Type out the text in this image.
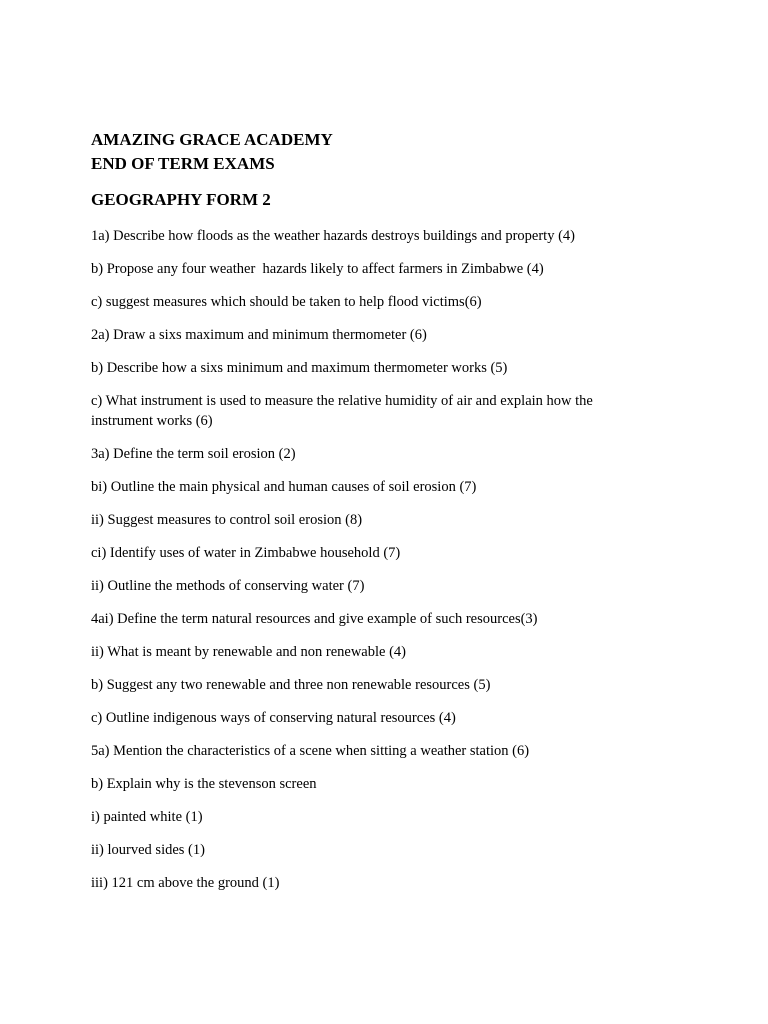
AMAZING GRACE ACADEMY

END OF TERM EXAMS

GEOGRAPHY FORM 2

1a) Describe how floods as the weather hazards destroys buildings and property (4)
b) Propose any four weather  hazards likely to affect farmers in Zimbabwe (4)
c) suggest measures which should be taken to help flood victims(6)
2a) Draw a sixs maximum and minimum thermometer (6)
b) Describe how a sixs minimum and maximum thermometer works (5)
c) What instrument is used to measure the relative humidity of air and explain how the instrument works (6)
3a) Define the term soil erosion (2)
bi) Outline the main physical and human causes of soil erosion (7)
ii) Suggest measures to control soil erosion (8)
ci) Identify uses of water in Zimbabwe household (7)
ii) Outline the methods of conserving water (7)
4ai) Define the term natural resources and give example of such resources(3)
ii) What is meant by renewable and non renewable (4)
b) Suggest any two renewable and three non renewable resources (5)
c) Outline indigenous ways of conserving natural resources (4)
5a) Mention the characteristics of a scene when sitting a weather station (6)
b) Explain why is the stevenson screen
i) painted white (1)
ii) lourved sides (1)
iii) 121 cm above the ground (1)
